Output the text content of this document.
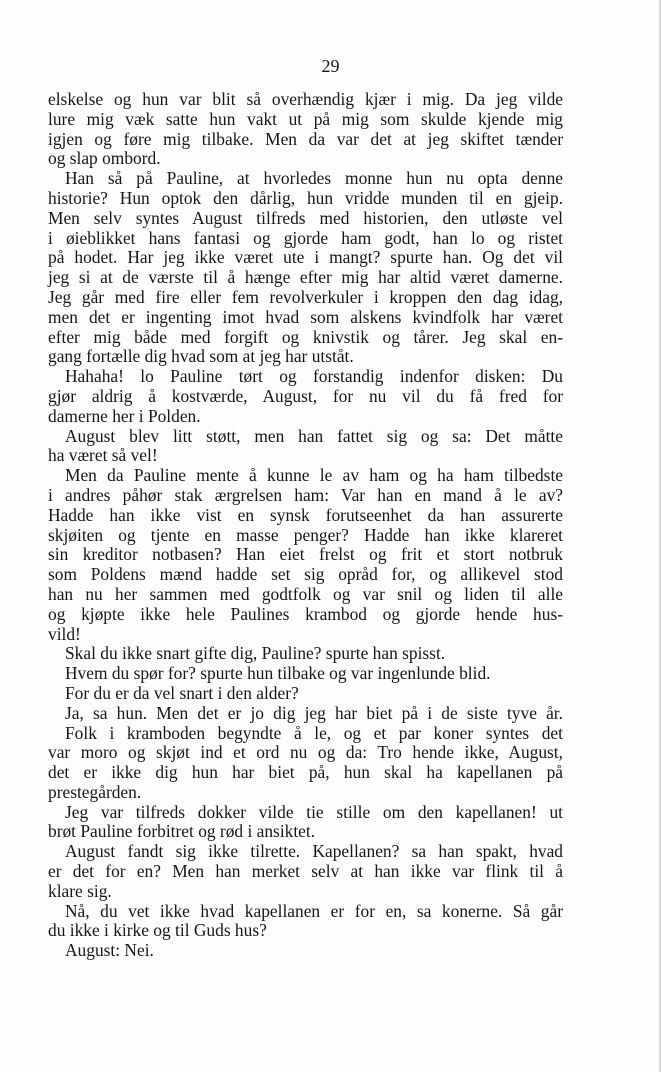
29
elskelse og hun var blit så overhændig kjær i mig. Da jeg vilde
lure mig væk satte hun vakt ut på mig som skulde kjende mig
igjen og føre mig tilbake. Men da var det at jeg skiftet tænder
og slap ombord.
Han så på Pauline, at hvorledes monne hun nu opta denne
historie? Hun optok den dårlig, hun vridde munden til en gjeip.
Men selv syntes August tilfreds med historien, den utløste vel
i øieblikket hans fantasi og gjorde ham godt, han lo og ristet
på hodet. Har jeg ikke været ute i mangt? spurte han. Og det vil
jeg si at de værste til å hænge efter mig har altid været damerne.
Jeg går med fire eller fem revolverkuler i kroppen den dag idag,
men det er ingenting imot hvad som alskens kvindfolk har været
efter mig både med forgift og knivstik og tårer. Jeg skal en-
gang fortælle dig hvad som at jeg har utståt.
Hahaha! lo Pauline tørt og forstandig indenfor disken: Du
gjør aldrig å kostværde, August, for nu vil du få fred for
damerne her i Polden.
August blev litt støtt, men han fattet sig og sa: Det måtte
ha været så vel!
Men da Pauline mente å kunne le av ham og ha ham tilbedste
i andres påhør stak ærgrelsen ham: Var han en mand å le av?
Hadde han ikke vist en synsk forutseenhet da han assurerte
skjøiten og tjente en masse penger? Hadde han ikke klareret
sin kreditor notbasen? Han eiet frelst og frit et stort notbruk
som Poldens mænd hadde set sig opråd for, og allikevel stod
han nu her sammen med godtfolk og var snil og liden til alle
og kjøpte ikke hele Paulines krambod og gjorde hende hus-
vild!
Skal du ikke snart gifte dig, Pauline? spurte han spisst.
Hvem du spør for? spurte hun tilbake og var ingenlunde blid.
For du er da vel snart i den alder?
Ja, sa hun. Men det er jo dig jeg har biet på i de siste tyve år.
Folk i krambоden begyndte å le, og et par koner syntes det
var moro og skjøt ind et ord nu og da: Tro hende ikke, August,
det er ikke dig hun har biet på, hun skal ha kapellanen på
prestegården.
Jeg var tilfreds dokker vilde tie stille om den kapellanen! ut
brøt Pauline forbitret og rød i ansiktet.
August fandt sig ikke tilrette. Kapellanen? sa han spakt, hvad
er det for en? Men han merket selv at han ikke var flink til å
klare sig.
Nå, du vet ikke hvad kapellanen er for en, sa konerne. Så går
du ikke i kirke og til Guds hus?
August: Nei.
